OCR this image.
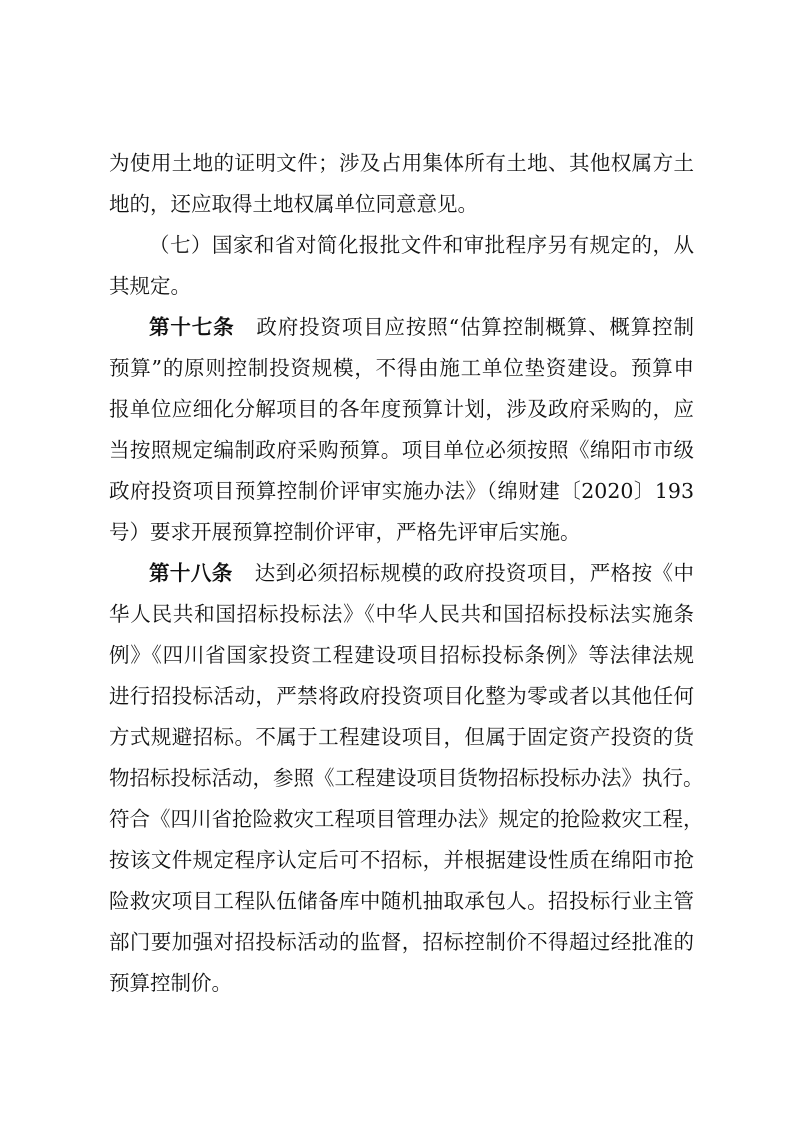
为使用土地的证明文件；涉及占用集体所有土地、其他权属方土
地的，还应取得土地权属单位同意意见。
（七）国家和省对简化报批文件和审批程序另有规定的，从
其规定。
第十七条 政府投资项目应按照“估算控制概算、概算控制
预算”的原则控制投资规模，不得由施工单位垫资建设。预算申
报单位应细化分解项目的各年度预算计划，涉及政府采购的，应
当按照规定编制政府采购预算。项目单位必须按照《绵阳市市级
政府投资项目预算控制价评审实施办法》（绵财建〔2020〕193
号）要求开展预算控制价评审，严格先评审后实施。
第十八条 达到必须招标规模的政府投资项目，严格按《中
华人民共和国招标投标法》《中华人民共和国招标投标法实施条
例》《四川省国家投资工程建设项目招标投标条例》等法律法规
进行招投标活动，严禁将政府投资项目化整为零或者以其他任何
方式规避招标。不属于工程建设项目，但属于固定资产投资的货
物招标投标活动，参照《工程建设项目货物招标投标办法》执行。
符合《四川省抢险救灾工程项目管理办法》规定的抢险救灾工程，
按该文件规定程序认定后可不招标，并根据建设性质在绵阳市抢
险救灾项目工程队伍储备库中随机抽取承包人。招投标行业主管
部门要加强对招投标活动的监督，招标控制价不得超过经批准的
预算控制价。
